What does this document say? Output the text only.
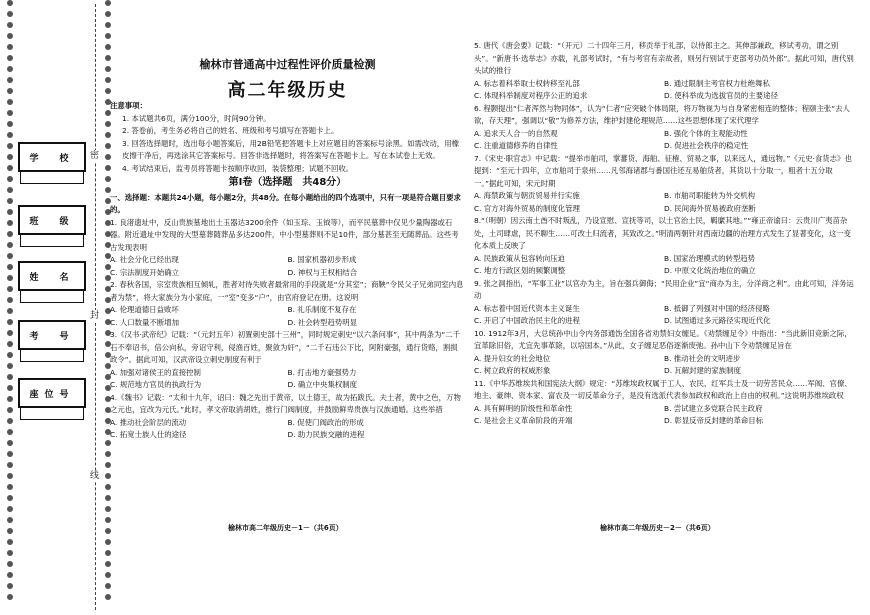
密
封
线
学　校
班　级
姓　名
考　号
座位号
榆林市普通高中过程性评价质量检测
高二年级历史
注意事项：
1. 本试题共6页，满分100分，时间90分钟。
2. 答卷前，考生务必将自己的姓名、班级和考号填写在答题卡上。
3. 回答选择题时，选出每小题答案后，用2B铅笔把答题卡上对应题目的答案标号涂黑。如需改动，用橡皮擦干净后，再选涂其它答案标号。回答非选择题时，将答案写在答题卡上。写在本试卷上无效。
4. 考试结束后，监考员将答题卡按顺序收回，装袋整理；试题不回收。
第Ⅰ卷（选择题　共48分）
一、选择题：本题共24小题，每小题2分，共48分。在每小题给出的四个选项中，只有一项是符合题目要求的。

1. 良渚遗址中，反山贵族墓地出土玉器达3200余件（如玉琮、玉钺等），而平民墓葬中仅见少量陶器或石器。附近遗址中发现的大型墓葬随葬品多达200件，中小型墓葬则不足10件，部分墓甚至无随葬品。这些考古发现表明

A. 社会分化已经出现	B. 国家机器初步形成
C. 宗法制度开始确立	D. 神权与王权相结合

2. 春秋各国，宗室贵族相互倾轧，胜者对待失败者最常用的手段就是“分其室”；商鞅“令民父子兄弟同室内息者为禁”，将大家族分为小家庭，一“室”变多“户”，由官府登记在册。这说明

A. 伦理道德日益败坏	B. 礼乐制度不复存在
C. 人口数量不断增加	D. 社会转型趋势明显

3.《汉书·武帝纪》记载：“（元封五年）初置刺史部十三州”，同时规定刺史“以六条问事”，其中两条为“二千石不奉诏书，倍公向私，旁诏守利，侵渔百姓，聚敛为奸”，“二千石违公下比，阿附豪强，通行货赂，割损政令”。据此可知，汉武帝设立刺史制度有利于

A. 加强对诸侯王的直接控制	B. 打击地方豪强势力
C. 规范地方官员的执政行为	D. 确立中央集权制度

4.《魏书》记载：“太和十九年，诏曰：魏之先出于黄帝，以土德王，故为拓跋氏。夫土者，黄中之色，万物之元也，宜改为元氏。”此时，孝文帝取消胡姓，推行门阀制度，并鼓励鲜卑贵族与汉族通婚。这些举措

A. 推动社会阶层的流动	B. 促使门阀政治的形成
C. 拓宽士族人仕的途径	D. 助力民族交融的进程

5. 唐代《唐会要》记载：“（开元）二十四年三月，移贡举于礼部，以侍郎主之。其伸部兼政，移试考功，谓之别头”。“新唐书·选举志》亦载，礼部考试时，“有与考官有亲故者，则另行别试于吏部考功员外郎”。据此可知，唐代别头试的推行

A. 标志着科举取士权转移至礼部	B. 通过限制主考官权力杜绝舞私
C. 体现科举制度对程序公正的追求	D. 使科举成为选拔官员的主要途径

6. 程颢提出“仁者浑然与物同体”，认为“仁者”应突破个体局限，将万物视为与自身紧密相连的整体；程颐主张“去人欲，存天理”，强调以“敬”为修养方法，维护封建伦理规范……这些思想体现了宋代理学

A. 追求天人合一的自然观	B. 强化个体的主观能动性
C. 注重道德修养的自律性	D. 促进社会秩序的稳定性

7.《宋史·职官志》中记载：“提举市舶司，掌蕃货、海舶、征榷、贸易之事，以来远人，通远物。”《元史·食货志》也提到：“至元十四年，立市舶司于泉州……凡邻海诸郡与番国往还互易舶货者，其货以十分取一，粗者十五分取一。”据此可知，宋元时期

A. 海禁政策与朝贡贸易并行实施	B. 市舶司职能转为外交机构
C. 官方对海外贸易的制度化管理	D. 民间海外贸易被政府垄断

8.“（明朝）因云南土酋不时叛乱，乃设宣慰、宣抚等司，以土官治土民，羁縻其地。”“雍正帝谕曰：云贵川广夷苗杂处，土司肆虐，民不聊生……可改土归流者，其致改之。”明清两朝针对西南边疆的治理方式发生了显著变化，这一变化本质上反映了

A. 民族政策从包容转向压迫	B. 国家治理模式的转型趋势
C. 地方行政区划的频繁调整	D. 中原文化统治地位的确立

9. 张之洞指出，“军事工业”以官办为主，旨在强兵御侮；“民用企业”宜“商办为主，分洋商之利”。由此可知，洋务运动

A. 标志着中国近代资本主义诞生	B. 抵御了列强对中国的经济侵略
C. 开启了中国政治民主化的进程	D. 试图通过多元路径实现近代化

10. 1912年3月，大总统孙中山令内务部通饬全国各省劝禁妇女缠足。《劝禁缠足令》中指出：“当此新旧竞新之际，宜革除旧俗，尤宜先事革除，以培国本。”从此，女子缠足恶俗逐渐废弛。孙中山下令劝禁缠足旨在

A. 提升妇女的社会地位	B. 推动社会的文明进步
C. 树立政府的权威形象	D. 瓦解封建的家族制度

11.《中华苏维埃共和国宪法大纲》规定：“苏维埃政权属于工人、农民、红军兵士及一切劳苦民众……军阀、官僚、地主、豪绅、资本家、富农及一切反革命分子，是没有选派代表参加政权和政治上自由的权利。”这说明苏维埃政权

A. 具有鲜明的阶级性和革命性	B. 尝试建立多党联合民主政府
C. 是社会主义革命阶段的开端	D. 彰显反帝反封建的革命目标
榆林市高二年级历史－1－（共6页）	榆林市高二年级历史－2－（共6页）
